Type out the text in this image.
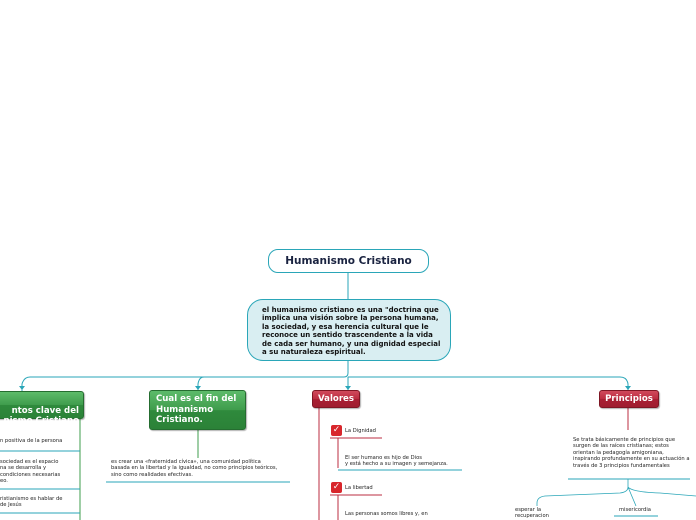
Humanismo Cristiano
el humanismo cristiano es una "doctrina que implica una visión sobre la persona humana, la sociedad, y esa herencia cultural que le reconoce un sentido trascendente a la vida de cada ser humano, y una dignidad especial a su naturaleza espiritual.

ntos clave del
nismo Cristiano

n positiva de la persona
sociedad es el espacio
na se desarrolla y
condiciones necesarias
eo.
ristianismo es hablar de
de Jesús
Cual es el fin del Humanismo Cristiano.
es crear una «fraternidad cívica», una comunidad política basada en la libertad y la igualdad, no como principios teóricos, sino como realidades efectivas.
Valores
✓ La Dignidad
El ser humano es hijo de Dios
y está hecho a su imagen y semejanza.
✓ La libertad
Las personas somos libres y, en
Principios
Se trata básicamente de principios que surgen de las raíces cristianas; estos orientan la pedagogía amigoniana, inspirando profundamente en su actuación a través de 3 principios fundamentales
esperar la
recuperacion
misericordia
